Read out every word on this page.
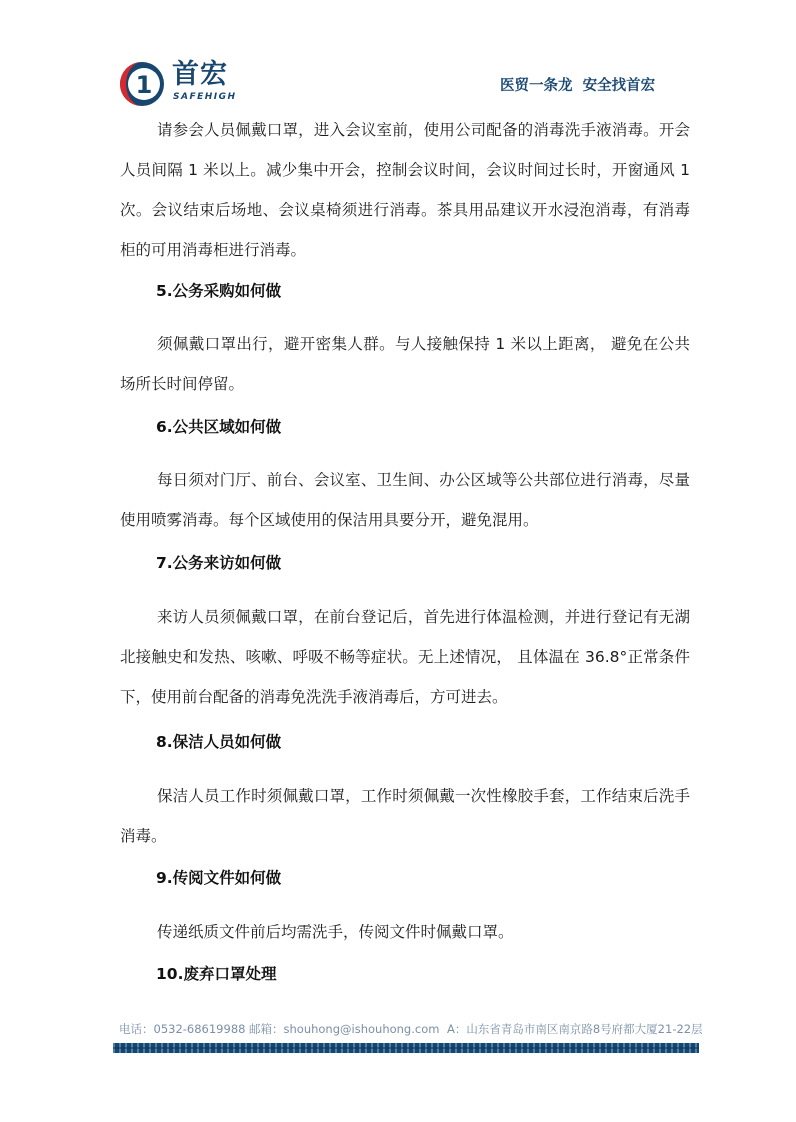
1 首宏
SAFEHIGH
医贸一条龙  安全找首宏

请参会人员佩戴口罩，进入会议室前，使用公司配备的消毒洗手液消毒。开会人员间隔 1 米以上。减少集中开会，控制会议时间，会议时间过长时，开窗通风 1 次。会议结束后场地、会议桌椅须进行消毒。茶具用品建议开水浸泡消毒，有消毒柜的可用消毒柜进行消毒。

5.公务采购如何做

须佩戴口罩出行，避开密集人群。与人接触保持 1 米以上距离， 避免在公共场所长时间停留。

6.公共区域如何做

每日须对门厅、前台、会议室、卫生间、办公区域等公共部位进行消毒，尽量使用喷雾消毒。每个区域使用的保洁用具要分开，避免混用。

7.公务来访如何做

来访人员须佩戴口罩，在前台登记后，首先进行体温检测，并进行登记有无湖北接触史和发热、咳嗽、呼吸不畅等症状。无上述情况， 且体温在 36.8°正常条件下，使用前台配备的消毒免洗洗手液消毒后，方可进去。

8.保洁人员如何做

保洁人员工作时须佩戴口罩，工作时须佩戴一次性橡胶手套，工作结束后洗手消毒。

9.传阅文件如何做

传递纸质文件前后均需洗手，传阅文件时佩戴口罩。

10.废弃口罩处理
电话：0532-68619988 邮箱：shouhong@ishouhong.com A：山东省青岛市南区南京路8号府都大厦21-22层
